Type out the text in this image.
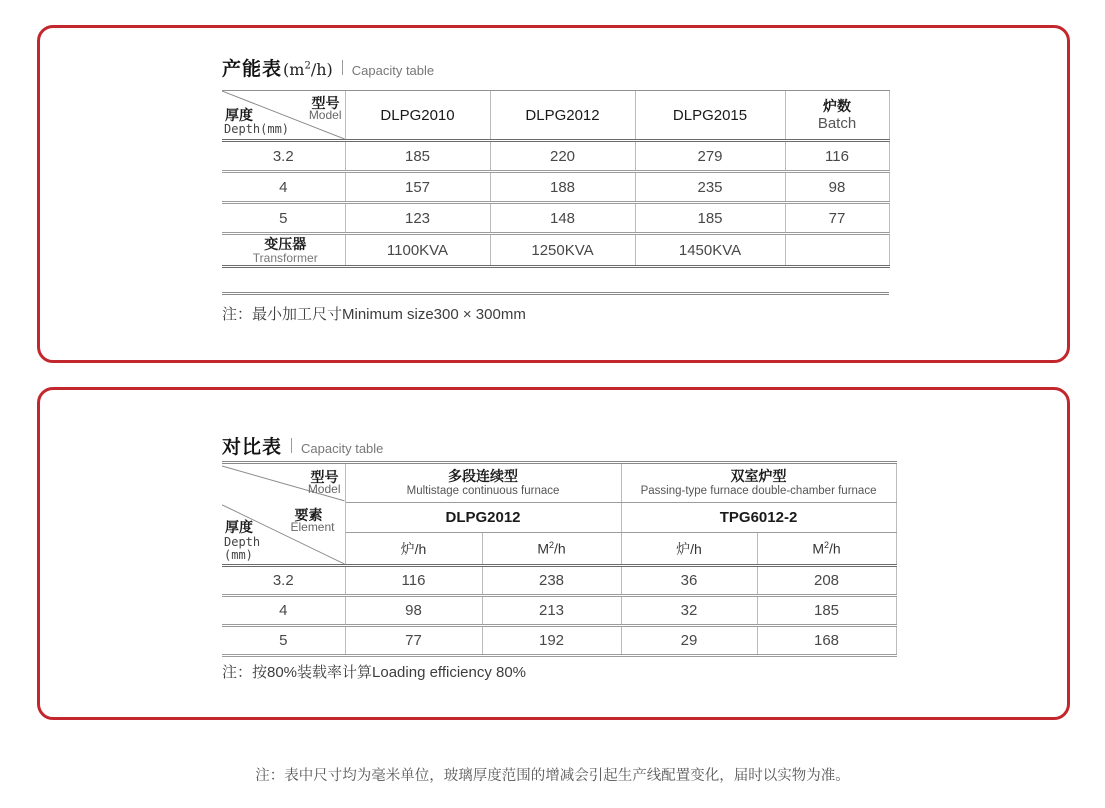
产能表 $(m^2/h)$ Capacity table
型号
Model
厚度
Depth(mm)	DLPG2010	DLPG2012	DLPG2015	炉数
Batch

3.2	185	220	279	116
4	157	188	235	98
5	123	148	185	77

变压器
Transformer	1100KVA	1250KVA	1450KVA	
注：最小加工尺寸Minimum size300 × 300mm
对比表 Capacity table
型号
Model
要素
Element
厚度
Depth
(mm)

多段连续型
Multistage continuous furnace

双室炉型
Passing-type furnace double-chamber furnace

	DLPG2012		TPG6012-2	
	炉/h	$M^2/h$	炉/h	$M^2/h$
3.2	116	238	36	208
4	98	213	32	185
5	77	192	29	168
注：按80%装载率计算Loading efficiency 80%
注：表中尺寸均为毫米单位，玻璃厚度范围的增减会引起生产线配置变化，届时以实物为准。
